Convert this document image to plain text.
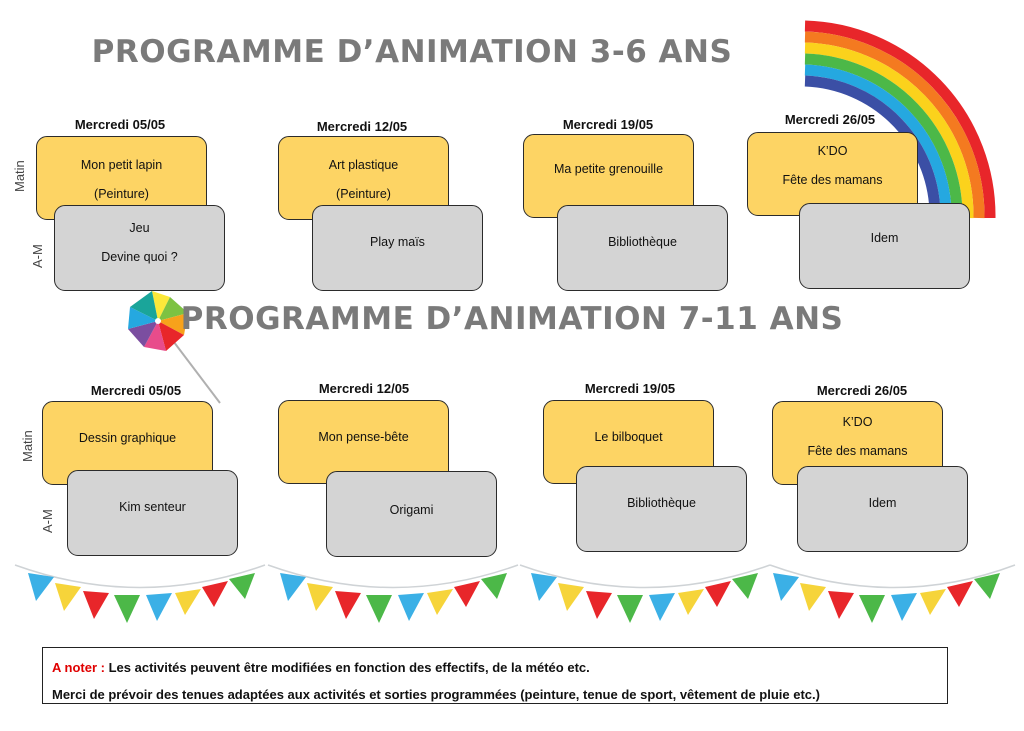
PROGRAMME D’ANIMATION 3-6 ANS
Matin
A-M
Mercredi 05/05
Mon petit lapin
(Peinture)
Jeu
Devine quoi ?
Mercredi 12/05
Art plastique
(Peinture)
Play maïs
Mercredi 19/05
Ma petite grenouille
Bibliothèque
Mercredi 26/05
K’DO
Fête des mamans
Idem
PROGRAMME D’ANIMATION 7-11 ANS
Matin
A-M
Mercredi 05/05
Dessin graphique
Kim senteur
Mercredi 12/05
Mon pense-bête
Origami
Mercredi 19/05
Le bilboquet
Bibliothèque
Mercredi 26/05
K’DO
Fête des mamans
Idem
A noter : Les activités peuvent être modifiées en fonction des effectifs, de la météo etc.
Merci de prévoir des tenues adaptées aux activités et sorties programmées (peinture, tenue de sport, vêtement de pluie etc.)
